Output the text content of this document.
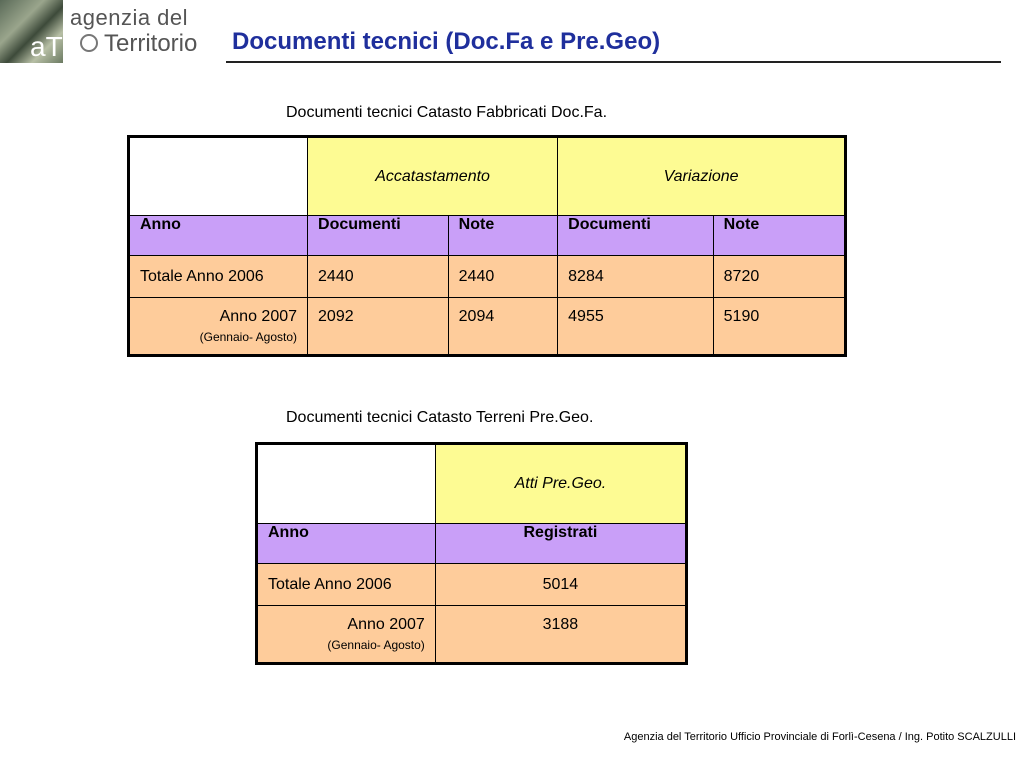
aT
agenzia del
Territorio Documenti tecnici (Doc.Fa e Pre.Geo)
Documenti tecnici Catasto Fabbricati Doc.Fa.
	Accatastamento		Variazione	
Anno	Documenti	Note	Documenti	Note
Totale Anno 2006	2440	2440	8284	8720

Anno 2007
(Gennaio- Agosto)	2092	2094	4955	5190
Documenti tecnici Catasto Terreni Pre.Geo.
	Atti Pre.Geo.
Anno	Registrati
Totale Anno 2006	5014

Anno 2007
(Gennaio- Agosto)	3188
Agenzia del Territorio Ufficio Provinciale di Forlì-Cesena / Ing. Potito SCALZULLI
